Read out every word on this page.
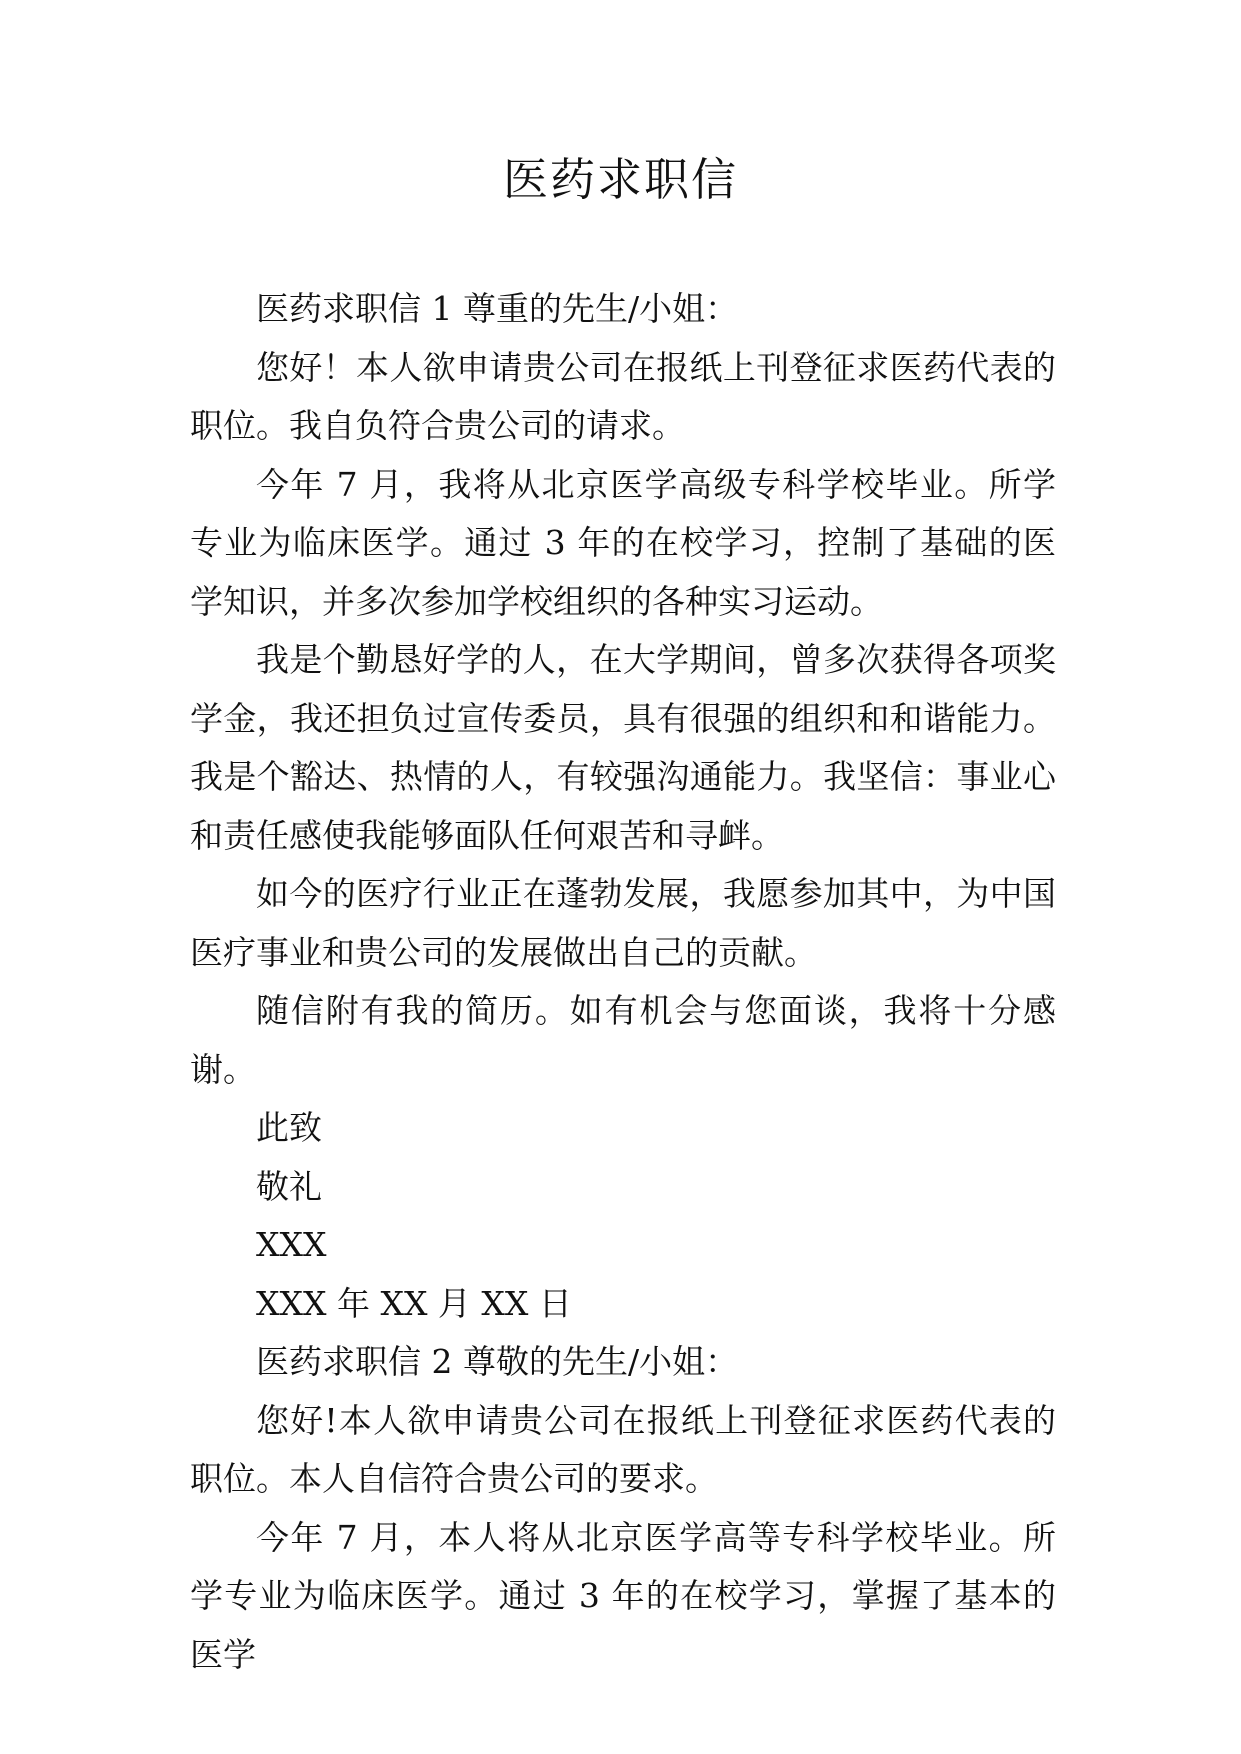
医药求职信

医药求职信 1 尊重的先生/小姐：

您好！本人欲申请贵公司在报纸上刊登征求医药代表的职位。我自负符合贵公司的请求。

今年 7 月，我将从北京医学高级专科学校毕业。所学专业为临床医学。通过 3 年的在校学习，控制了基础的医学知识，并多次参加学校组织的各种实习运动。

我是个勤恳好学的人，在大学期间，曾多次获得各项奖学金，我还担负过宣传委员，具有很强的组织和和谐能力。我是个豁达、热情的人，有较强沟通能力。我坚信：事业心和责任感使我能够面队任何艰苦和寻衅。

如今的医疗行业正在蓬勃发展，我愿参加其中，为中国医疗事业和贵公司的发展做出自己的贡献。

随信附有我的简历。如有机会与您面谈，我将十分感谢。

此致

敬礼

XXX

XXX 年 XX 月 XX 日

医药求职信 2 尊敬的先生/小姐：

您好!本人欲申请贵公司在报纸上刊登征求医药代表的职位。本人自信符合贵公司的要求。

今年 7 月，本人将从北京医学高等专科学校毕业。所学专业为临床医学。通过 3 年的在校学习，掌握了基本的医学
